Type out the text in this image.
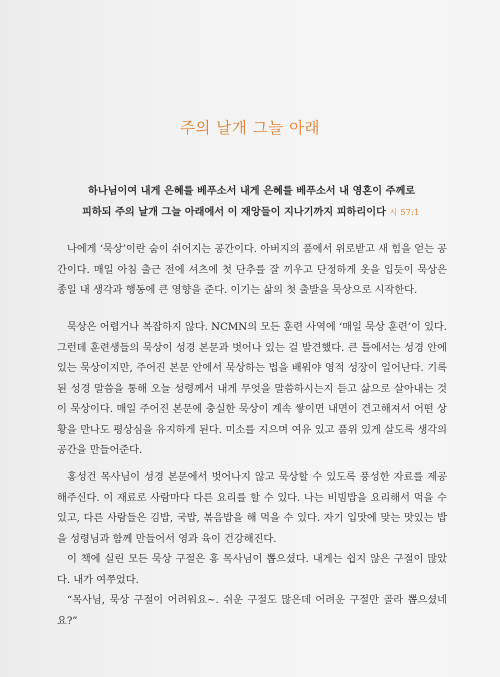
주의 날개 그늘 아래
하나님이여 내게 은혜를 베푸소서 내게 은혜를 베푸소서 내 영혼이 주께로 피하되 주의 날개 그늘 아래에서 이 재앙들이 지나기까지 피하리이다 시 57:1

나에게 ‘묵상’이란 숨이 쉬어지는 공간이다. 아버지의 품에서 위로받고 새 힘을 얻는 공간이다. 매일 아침 출근 전에 셔츠에 첫 단추를 잘 끼우고 단정하게 옷을 입듯이 묵상은 종일 내 생각과 행동에 큰 영향을 준다. 이기는 삶의 첫 출발을 묵상으로 시작한다.

묵상은 어렵거나 복잡하지 않다. NCMN의 모든 훈련 사역에 ‘매일 묵상 훈련’이 있다. 그런데 훈련생들의 묵상이 성경 본문과 벗어나 있는 걸 발견했다. 큰 틀에서는 성경 안에 있는 묵상이지만, 주어진 본문 안에서 묵상하는 법을 배워야 영적 성장이 일어난다. 기록된 성경 말씀을 통해 오늘 성령께서 내게 무엇을 말씀하시는지 듣고 삶으로 살아내는 것이 묵상이다. 매일 주어진 본문에 충실한 묵상이 계속 쌓이면 내면이 견고해져서 어떤 상황을 만나도 평상심을 유지하게 된다. 미소를 지으며 여유 있고 품위 있게 살도록 생각의 공간을 만들어준다.

홍성건 목사님이 성경 본문에서 벗어나지 않고 묵상할 수 있도록 풍성한 자료를 제공해주신다. 이 재료로 사람마다 다른 요리를 할 수 있다. 나는 비빔밥을 요리해서 먹을 수 있고, 다른 사람들은 김밥, 국밥, 볶음밥을 해 먹을 수 있다. 자기 입맛에 맞는 맛있는 밥을 성령님과 함께 만들어서 영과 육이 건강해진다.
이 책에 실린 모든 묵상 구절은 홍 목사님이 뽑으셨다. 내게는 쉽지 않은 구절이 많았다. 내가 여쭈었다.
“목사님, 묵상 구절이 어려워요~. 쉬운 구절도 많은데 어려운 구절만 골라 뽑으셨네요?”
